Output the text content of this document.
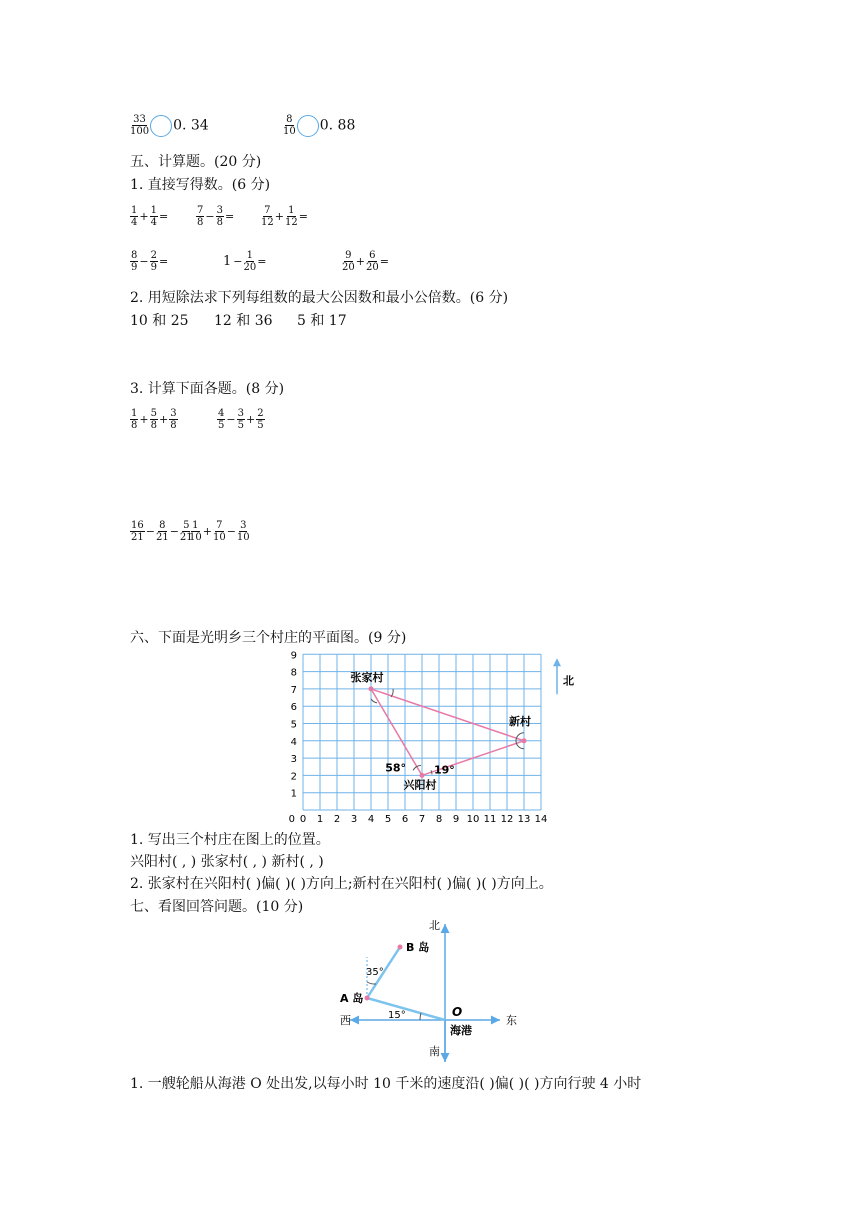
$\frac{33}{100} 0$. 34	$\frac{8}{10} 0$. 88
五、计算题。(20 分)
1. 直接写得数。(6 分)
$\frac{1}{4} + \frac{1}{4}$ =	$\frac{7}{8} - \frac{3}{8}$ =	$\frac{7}{12} + \frac{1}{12}$ =
$\frac{8}{9} - \frac{2}{9}$ =	$1 - \frac{1}{20}$ =	$\frac{9}{20} + \frac{6}{20}$ =
2. 用短除法求下列每组数的最大公因数和最小公倍数。(6 分)
10 和 25 12 和 36 5 和 17
3. 计算下面各题。(8 分)
$\frac{1}{8} + \frac{5}{8} + \frac{3}{8}$	$\frac{4}{5} - \frac{3}{5} + \frac{2}{5}$
$\frac{16}{21} - \frac{8}{21} - \frac{5}{21}$
$\frac{1}{10} + \frac{7}{10} - \frac{3}{10}$
六、下面是光明乡三个村庄的平面图。(9 分)
0 1 2 3 4 5 6 7 8 9 10 11 12 13 14
1
2
3
4
5
6
7
8
9
0
北
张家村
新村
兴阳村
58°	19°
1. 写出三个村庄在图上的位置。
兴阳村( , ) 张家村( , ) 新村( , )
2. 张家村在兴阳村( )偏( )( )方向上;新村在兴阳村( )偏( )( )方向上。
七、看图回答问题。(10 分)
北
南
东
西
O
海港
A 岛
B 岛
35°
15°
1. 一艘轮船从海港 O 处出发,以每小时 10 千米的速度沿( )偏( )( )方向行驶 4 小时
